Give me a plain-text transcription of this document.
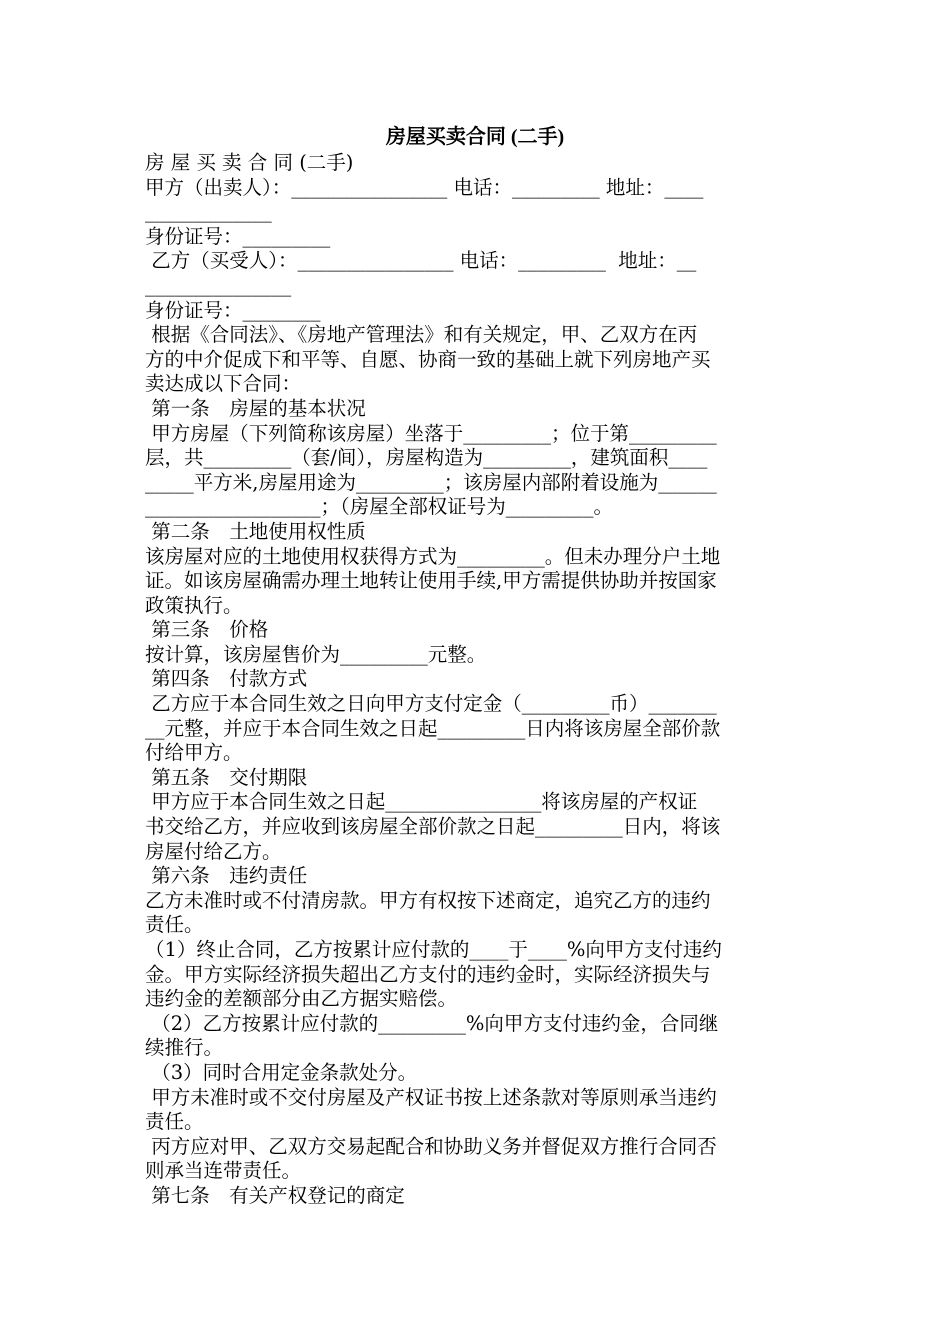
房屋买卖合同 (二手)
房 屋 买 卖 合 同 (二手)
甲方（出卖人）：________________ 电话：_________ 地址：____
_____________
身份证号：_________
乙方（买受人）：________________ 电话：_________  地址：__
_______________
身份证号：________
根据《合同法》、《房地产管理法》和有关规定，甲、乙双方在丙
方的中介促成下和平等、自愿、协商一致的基础上就下列房地产买
卖达成以下合同：
第一条　房屋的基本状况
甲方房屋（下列简称该房屋）坐落于_________；位于第_________
层，共_________（套/间），房屋构造为_________，建筑面积____
_____平方米,房屋用途为_________；该房屋内部附着设施为______
__________________；（房屋全部权证号为_________。
第二条　土地使用权性质
该房屋对应的土地使用权获得方式为_________。但未办理分户土地
证。如该房屋确需办理土地转让使用手续,甲方需提供协助并按国家
政策执行。
第三条　价格
按计算，该房屋售价为_________元整。
第四条　付款方式
乙方应于本合同生效之日向甲方支付定金（_________币）_______
__元整，并应于本合同生效之日起_________日内将该房屋全部价款
付给甲方。
第五条　交付期限
甲方应于本合同生效之日起________________将该房屋的产权证
书交给乙方，并应收到该房屋全部价款之日起_________日内，将该
房屋付给乙方。
第六条　违约责任
乙方未准时或不付清房款。甲方有权按下述商定，追究乙方的违约
责任。
（1）终止合同，乙方按累计应付款的____于____%向甲方支付违约
金。甲方实际经济损失超出乙方支付的违约金时，实际经济损失与
违约金的差额部分由乙方据实赔偿。
（2）乙方按累计应付款的_________%向甲方支付违约金，合同继
续推行。
（3）同时合用定金条款处分。
甲方未准时或不交付房屋及产权证书按上述条款对等原则承当违约
责任。
丙方应对甲、乙双方交易起配合和协助义务并督促双方推行合同否
则承当连带责任。
第七条　有关产权登记的商定
